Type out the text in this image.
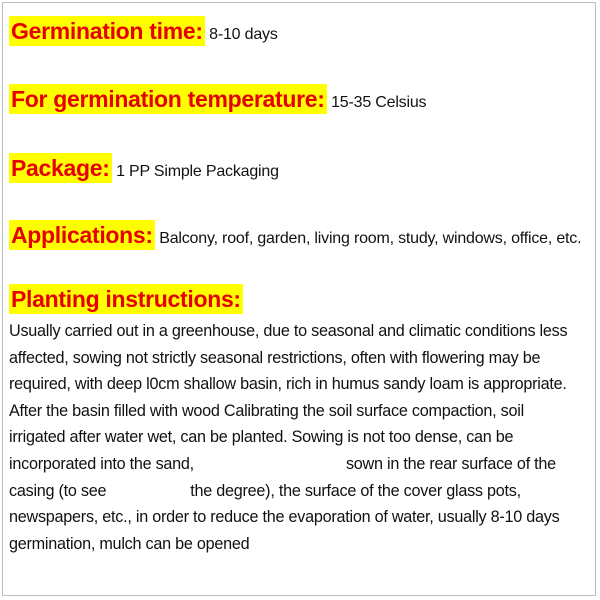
Germination time: 8-10 days
For germination temperature: 15-35 Celsius
Package: 1 PP Simple Packaging
Applications: Balcony, roof, garden, living room, study, windows, office, etc.
Planting instructions:
Usually carried out in a greenhouse, due to seasonal and climatic conditions less
affected, sowing not strictly seasonal restrictions, often with flowering may be
required, with deep l0cm shallow basin, rich in humus sandy loam is appropriate.
After the basin filled with wood Calibrating the soil surface compaction, soil
irrigated after water wet, can be planted. Sowing is not too dense, can be
incorporated into the sand,	sown in the rear surface of the
casing (to see	the degree), the surface of the cover glass pots,
newspapers, etc., in order to reduce the evaporation of water, usually 8-10 days
germination, mulch can be opened
